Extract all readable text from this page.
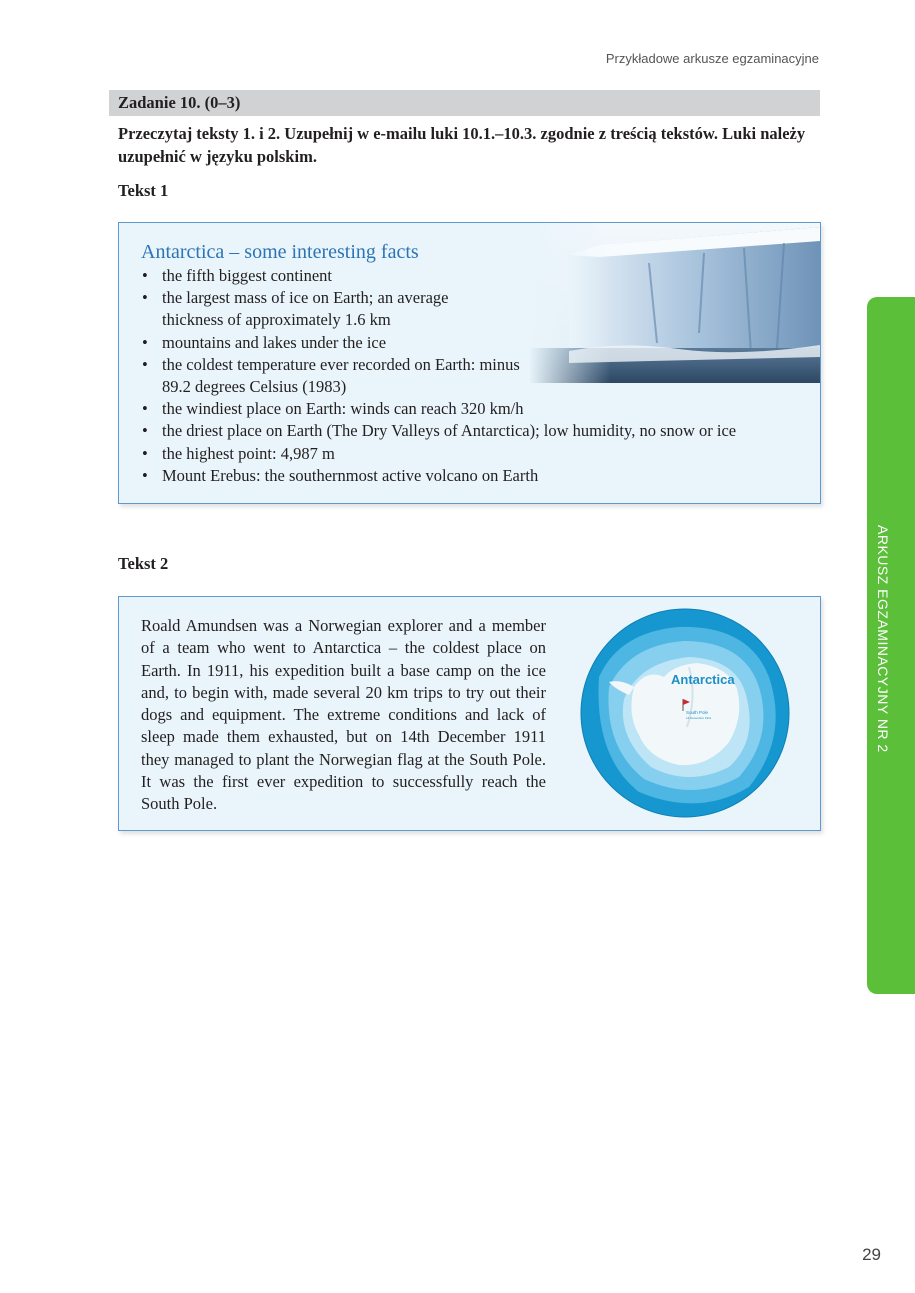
Przykładowe arkusze egzaminacyjne
Zadanie 10. (0–3)
Przeczytaj teksty 1. i 2. Uzupełnij w e-mailu luki 10.1.–10.3. zgodnie z treścią tekstów. Luki należy uzupełnić w języku polskim.
Tekst 1
Antarctica – some interesting facts
• the fifth biggest continent
• the largest mass of ice on Earth; an average thickness of approximately 1.6 km
• mountains and lakes under the ice
• the coldest temperature ever recorded on Earth: minus 89.2 degrees Celsius (1983)
• the windiest place on Earth: winds can reach 320 km/h
• the driest place on Earth (The Dry Valleys of Antarctica); low humidity, no snow or ice
• the highest point: 4,987 m
• Mount Erebus: the southernmost active volcano on Earth
Tekst 2

Roald Amundsen was a Norwegian explorer and a member of a team who went to Antarctica – the coldest place on Earth. In 1911, his expedition built a base camp on the ice and, to begin with, made several 20 km trips to try out their dogs and equipment. The extreme conditions and lack of sleep made them exhausted, but on 14th December 1911 they managed to plant the Norwegian flag at the South Pole. It was the first ever expedition to successfully reach the South Pole.

Antarctica
South Pole
14 December 1911	ARKUSZ EGZAMINACYJNY NR 2
29
